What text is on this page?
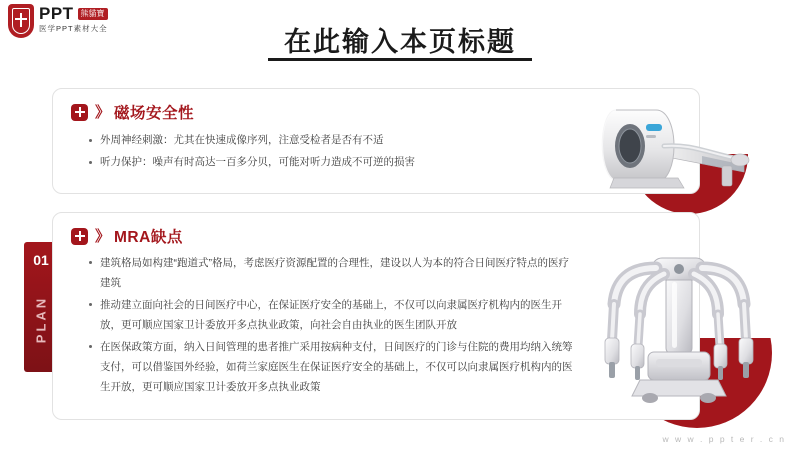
PPT 熊貓寶
医学PPT素材大全	在此输入本页标题
01
PLAN
》 磁场安全性
外周神经刺激：尤其在快速成像序列，注意受检者是否有不适
听力保护：噪声有时高达一百多分贝，可能对听力造成不可逆的损害
》 MRA缺点
建筑格局如构建“跑道式”格局，考虑医疗资源配置的合理性，建设以人为本的符合日间医疗特点的医疗建筑
推动建立面向社会的日间医疗中心，在保证医疗安全的基础上，不仅可以向隶属医疗机构内的医生开放，更可顺应国家卫计委放开多点执业政策，向社会自由执业的医生团队开放
在医保政策方面，纳入日间管理的患者推广采用按病种支付，日间医疗的门诊与住院的费用均纳入统筹支付，可以借鉴国外经验，如荷兰家庭医生在保证医疗安全的基础上，不仅可以向隶属医疗机构内的医生开放，更可顺应国家卫计委放开多点执业政策
w w w . p p t e r . c n
